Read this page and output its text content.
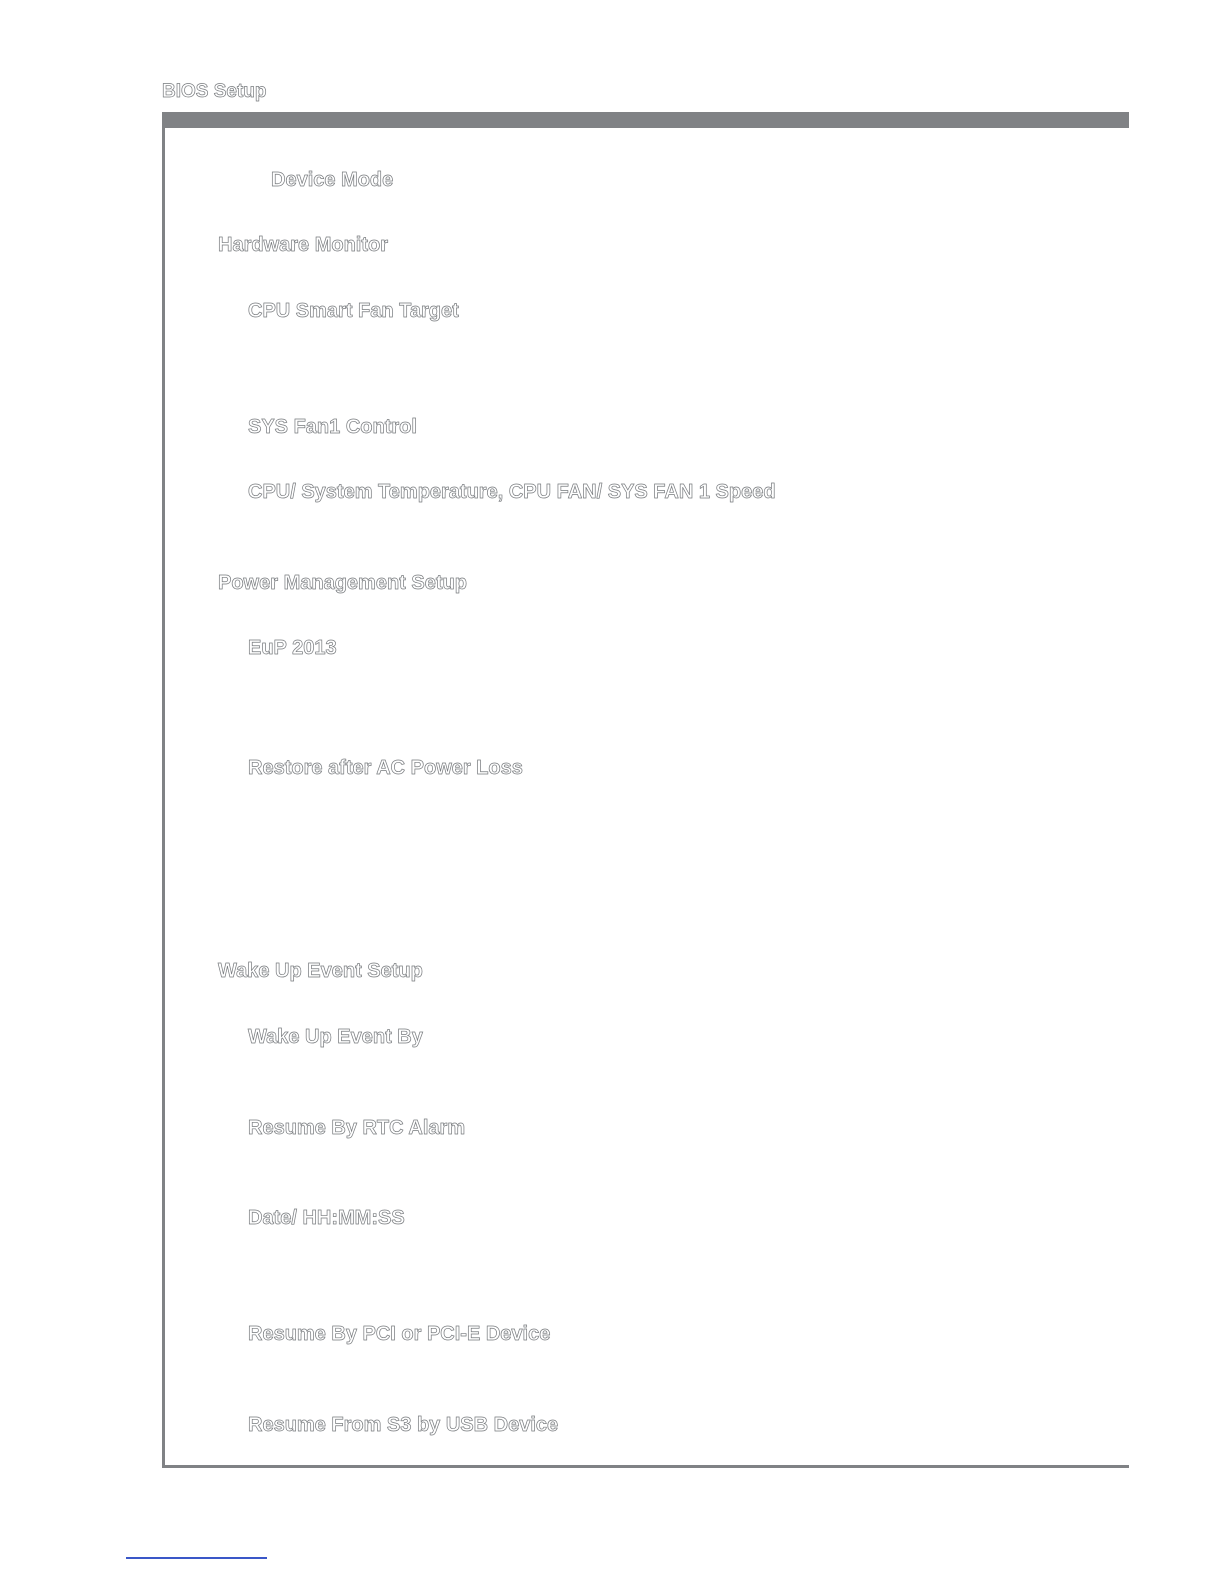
BIOS Setup
Device Mode
Hardware Monitor
CPU Smart Fan Target
SYS Fan1 Control
CPU/ System Temperature, CPU FAN/ SYS FAN 1 Speed
Power Management Setup
EuP 2013
Restore after AC Power Loss
Wake Up Event Setup
Wake Up Event By
Resume By RTC Alarm
Date/ HH:MM:SS
Resume By PCI or PCI-E Device
Resume From S3 by USB Device
